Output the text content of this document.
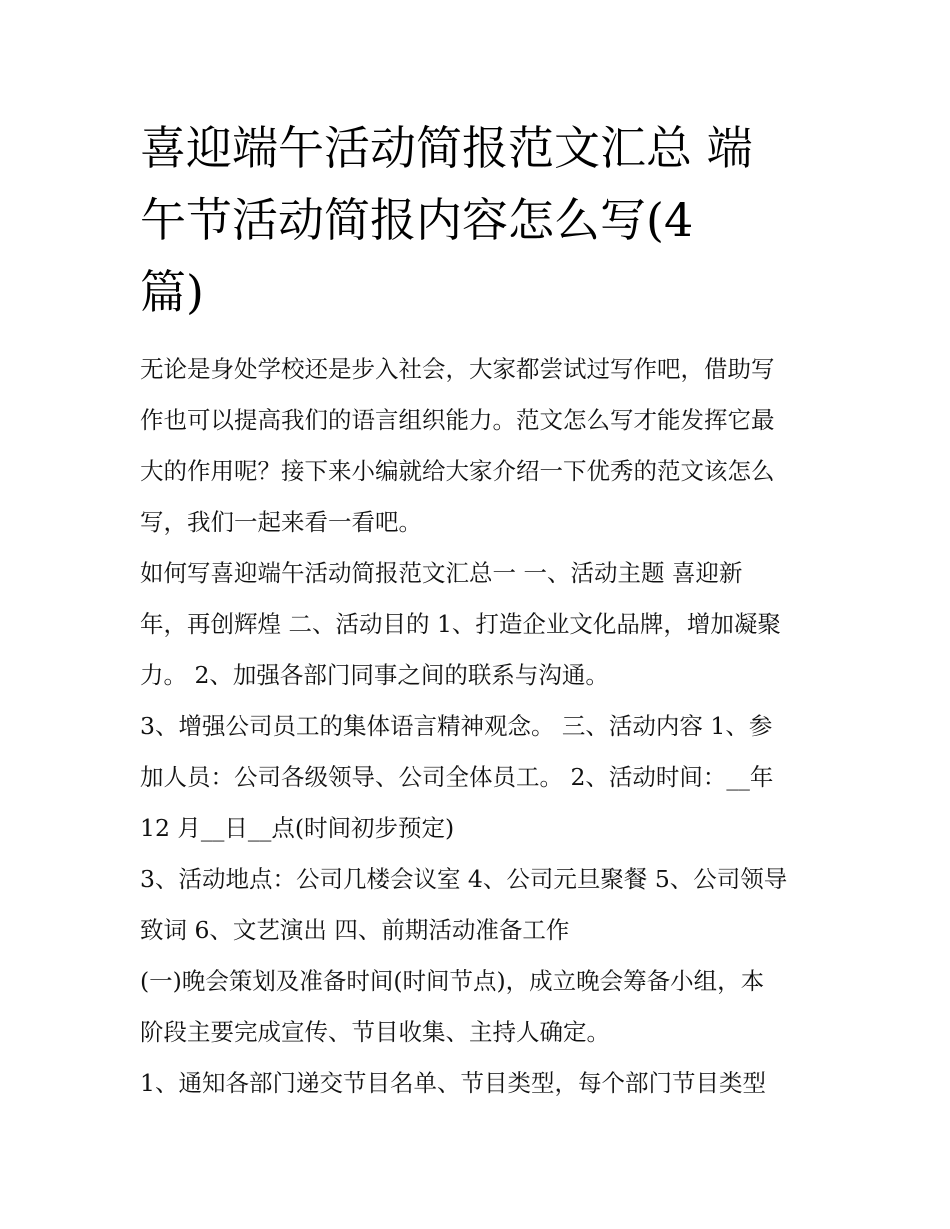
喜迎端午活动简报范文汇总 端
午节活动简报内容怎么写(4
篇)

无论是身处学校还是步入社会，大家都尝试过写作吧，借助写
作也可以提高我们的语言组织能力。范文怎么写才能发挥它最
大的作用呢？接下来小编就给大家介绍一下优秀的范文该怎么
写，我们一起来看一看吧。

如何写喜迎端午活动简报范文汇总一 一、活动主题 喜迎新
年，再创辉煌 二、活动目的 1、打造企业文化品牌，增加凝聚
力。 2、加强各部门同事之间的联系与沟通。

3、增强公司员工的集体语言精神观念。 三、活动内容 1、参
加人员：公司各级领导、公司全体员工。 2、活动时间：__年
12 月__日__点(时间初步预定)

3、活动地点：公司几楼会议室 4、公司元旦聚餐 5、公司领导
致词 6、文艺演出 四、前期活动准备工作

(一)晚会策划及准备时间(时间节点)，成立晚会筹备小组，本
阶段主要完成宣传、节目收集、主持人确定。

1、通知各部门递交节目名单、节目类型，每个部门节目类型
